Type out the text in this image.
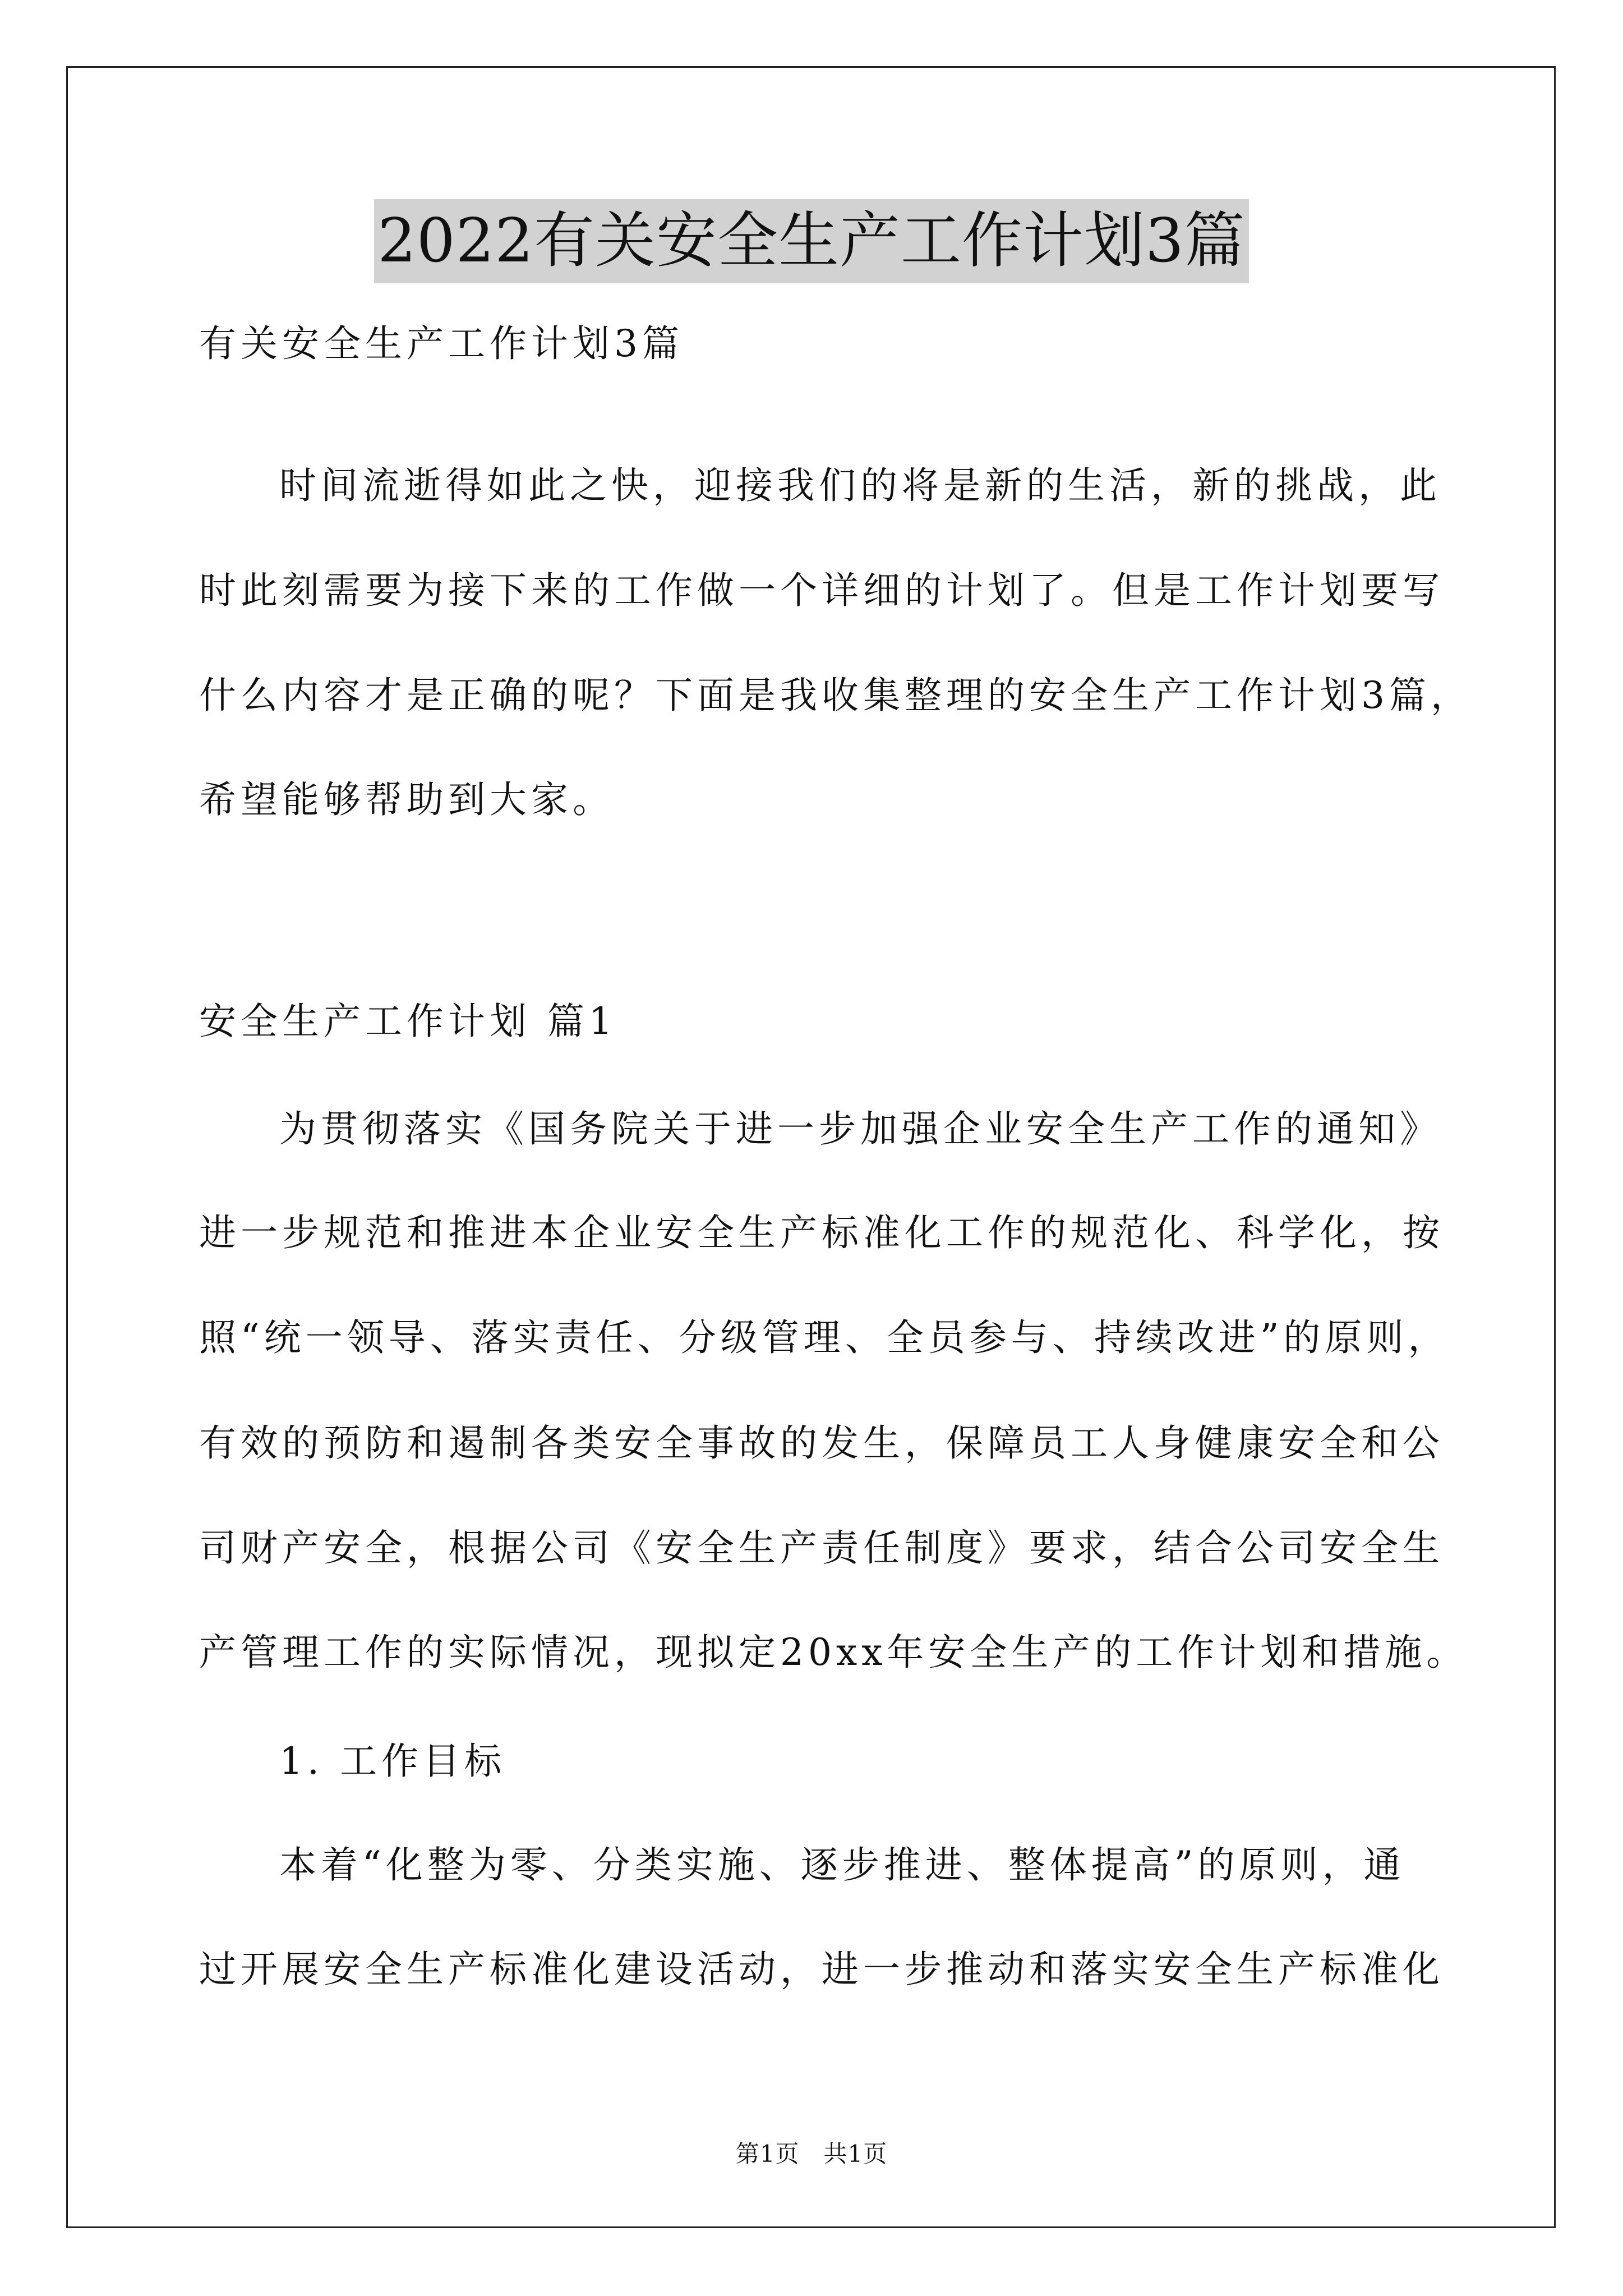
2022有关安全生产工作计划3篇
有关安全生产工作计划3篇
时间流逝得如此之快，迎接我们的将是新的生活，新的挑战，此
时此刻需要为接下来的工作做一个详细的计划了。但是工作计划要写
什么内容才是正确的呢？下面是我收集整理的安全生产工作计划3篇，
希望能够帮助到大家。
安全生产工作计划 篇1
为贯彻落实《国务院关于进一步加强企业安全生产工作的通知》
进一步规范和推进本企业安全生产标准化工作的规范化、科学化，按
照“统一领导、落实责任、分级管理、全员参与、持续改进”的原则，
有效的预防和遏制各类安全事故的发生，保障员工人身健康安全和公
司财产安全，根据公司《安全生产责任制度》要求，结合公司安全生
产管理工作的实际情况，现拟定20xx年安全生产的工作计划和措施。
1. 工作目标
本着“化整为零、分类实施、逐步推进、整体提高”的原则，通
过开展安全生产标准化建设活动，进一步推动和落实安全生产标准化
第1页　共1页
